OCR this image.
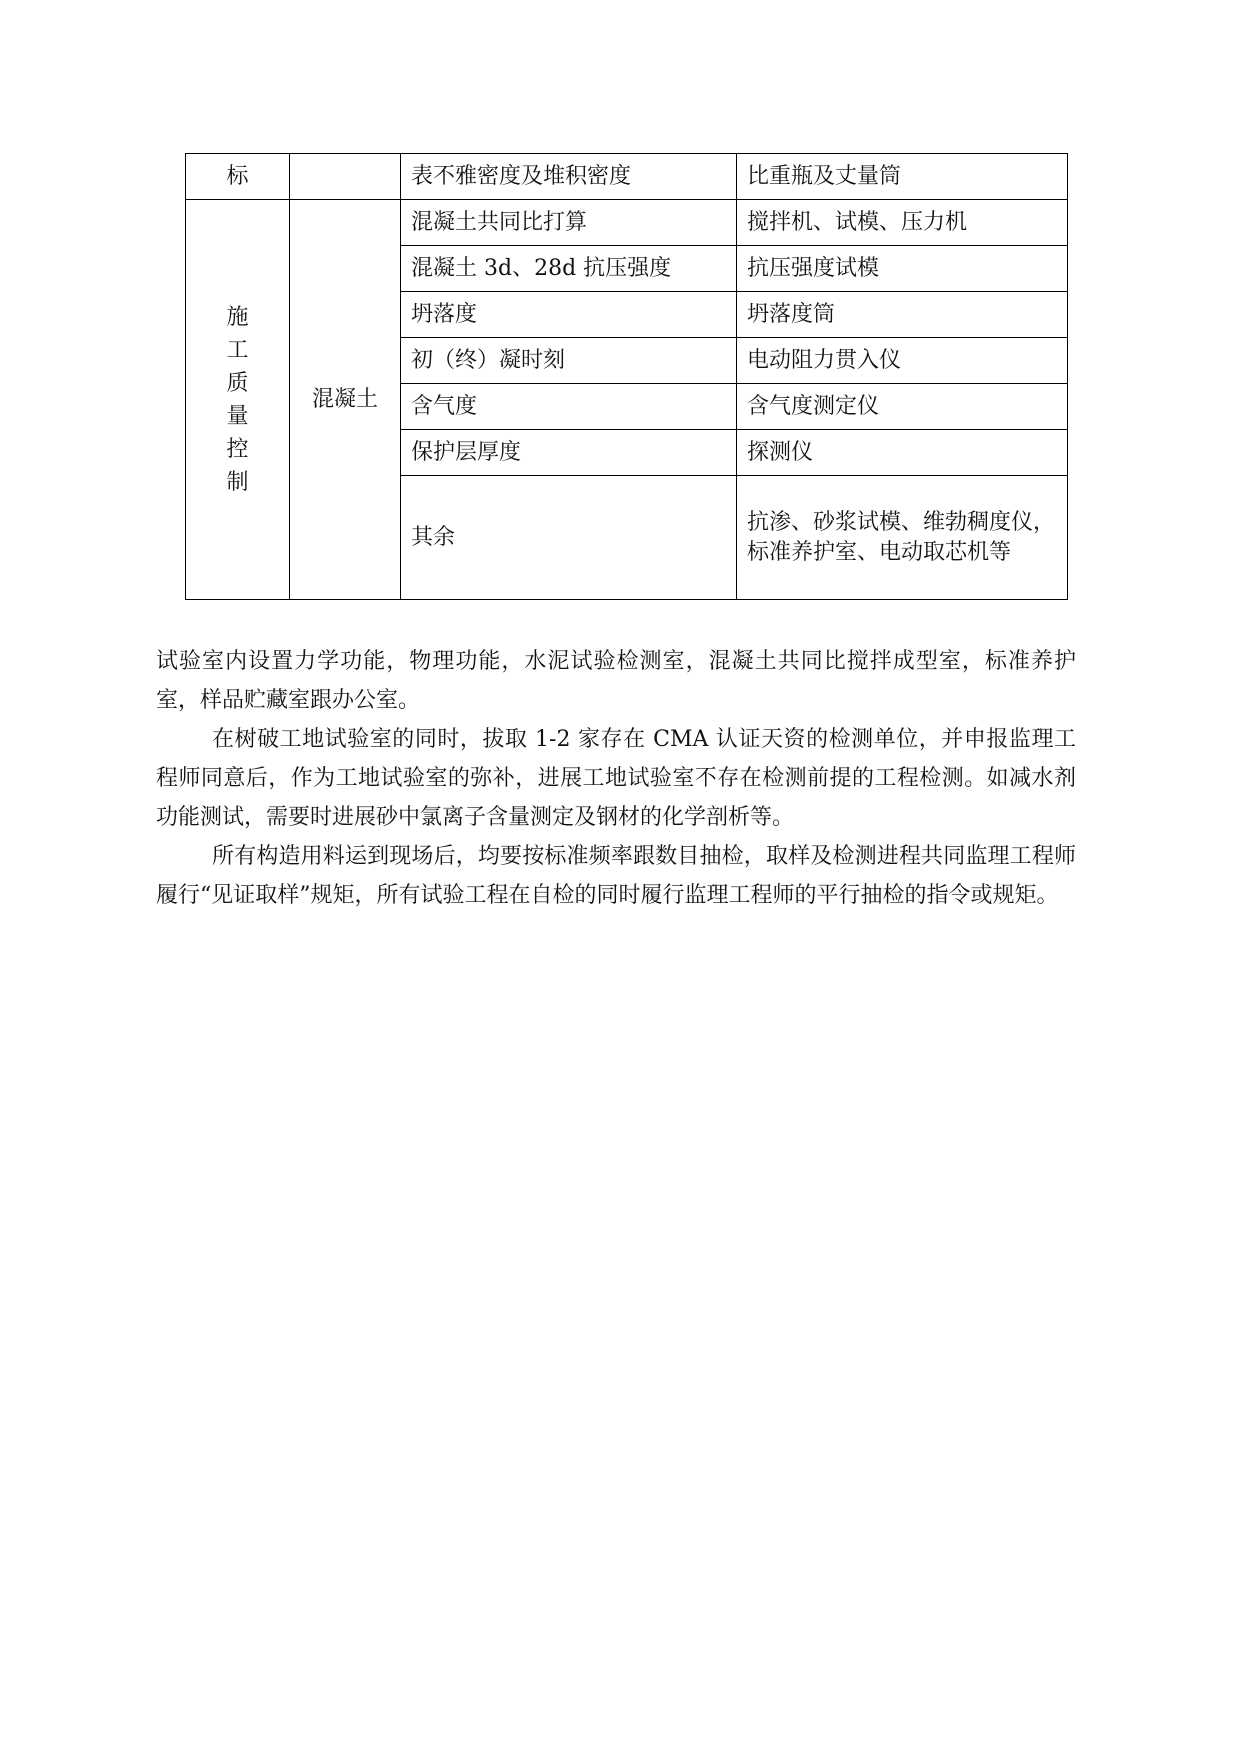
标		表不雅密度及堆积密度	比重瓶及丈量筒
施工质量控制	混凝土	混凝土共同比打算	搅拌机、试模、压力机
		混凝土 3d、28d 抗压强度	抗压强度试模
		坍落度	坍落度筒
		初（终）凝时刻	电动阻力贯入仪
		含气度	含气度测定仪
		保护层厚度	探测仪
		其余	抗渗、砂浆试模、维勃稠度仪，标准养护室、电动取芯机等

试验室内设置力学功能，物理功能，水泥试验检测室，混凝土共同比搅拌成型室，标准养护室，样品贮藏室跟办公室。

在树破工地试验室的同时，拔取 1-2 家存在 CMA 认证天资的检测单位，并申报监理工程师同意后，作为工地试验室的弥补，进展工地试验室不存在检测前提的工程检测。如减水剂功能测试，需要时进展砂中氯离子含量测定及钢材的化学剖析等。

所有构造用料运到现场后，均要按标准频率跟数目抽检，取样及检测进程共同监理工程师履行“见证取样”规矩，所有试验工程在自检的同时履行监理工程师的平行抽检的指令或规矩。
